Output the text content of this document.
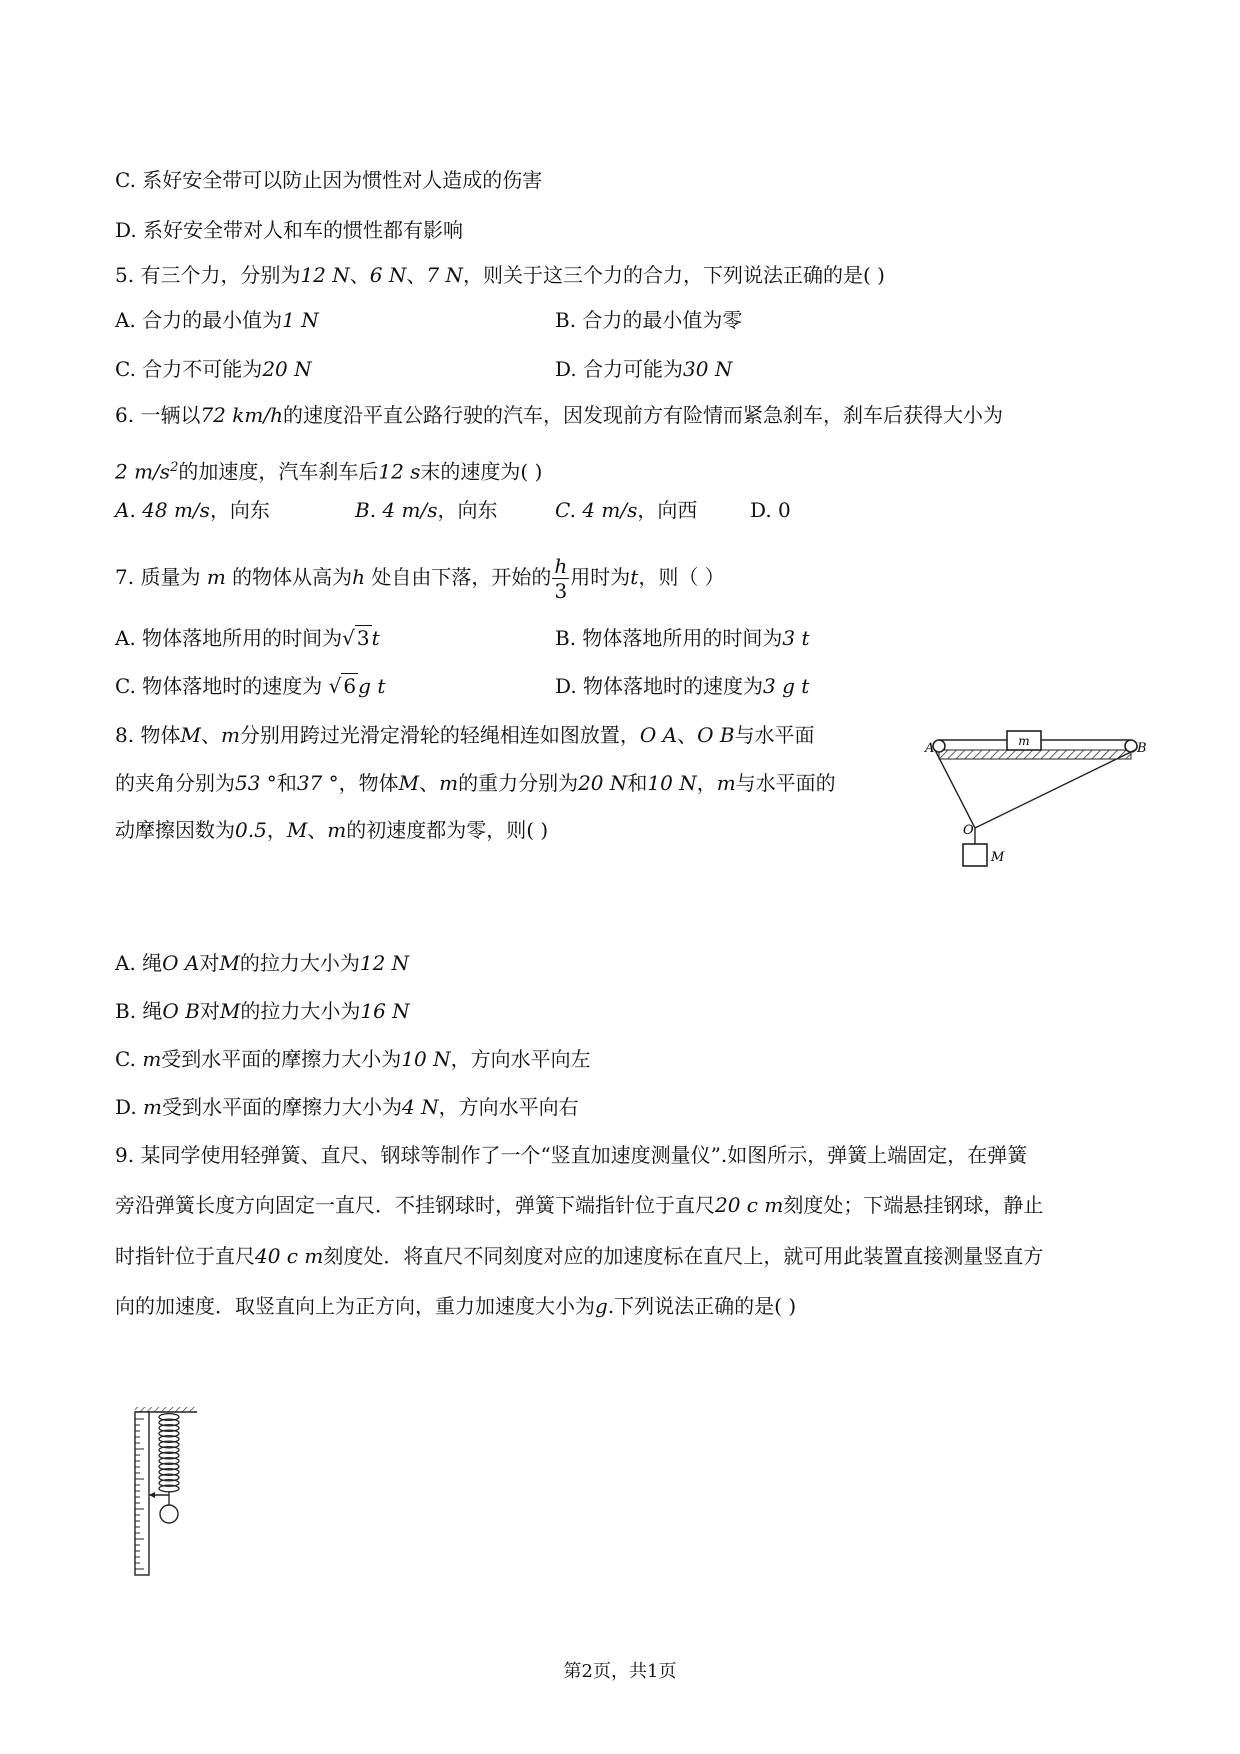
C. 系好安全带可以防止因为惯性对人造成的伤害
D. 系好安全带对人和车的惯性都有影响
5. 有三个力，分别为12 N、6 N、7 N，则关于这三个力的合力，下列说法正确的是( )
A. 合力的最小值为1 N	B. 合力的最小值为零
C. 合力不可能为20 N	D. 合力可能为30 N
6. 一辆以72 km/h的速度沿平直公路行驶的汽车，因发现前方有险情而紧急刹车，刹车后获得大小为
2 $m/s^2$的加速度，汽车刹车后12 s末的速度为( )
A. 48 m/s，向东	B. 4 m/s，向东	C. 4 m/s，向西	D. 0
7. 质量为 m 的物体从高为h 处自由下落，开始的 $\frac{h}{3}$ 用时为t，则（ ）
A. 物体落地所用的时间为√ 3 t	B. 物体落地所用的时间为3 t
C. 物体落地时的速度为 √ 6 g t	D. 物体落地时的速度为3 g t
8. 物体M、m分别用跨过光滑定滑轮的轻绳相连如图放置，O A、O B与水平面
的夹角分别为53 °和37 °，物体M、m的重力分别为20 N和10 N，m与水平面的
动摩擦因数为0.5，M、m的初速度都为零，则( )
m
A	B
O
M
A. 绳O A对M的拉力大小为12 N
B. 绳O B对M的拉力大小为16 N
C. m受到水平面的摩擦力大小为10 N，方向水平向左
D. m受到水平面的摩擦力大小为4 N，方向水平向右
9. 某同学使用轻弹簧、直尺、钢球等制作了一个“竖直加速度测量仪”.如图所示，弹簧上端固定，在弹簧
旁沿弹簧长度方向固定一直尺．不挂钢球时，弹簧下端指针位于直尺20 c m刻度处；下端悬挂钢球，静止
时指针位于直尺40 c m刻度处．将直尺不同刻度对应的加速度标在直尺上，就可用此装置直接测量竖直方
向的加速度．取竖直向上为正方向，重力加速度大小为g.下列说法正确的是( )
第2页，共1页
